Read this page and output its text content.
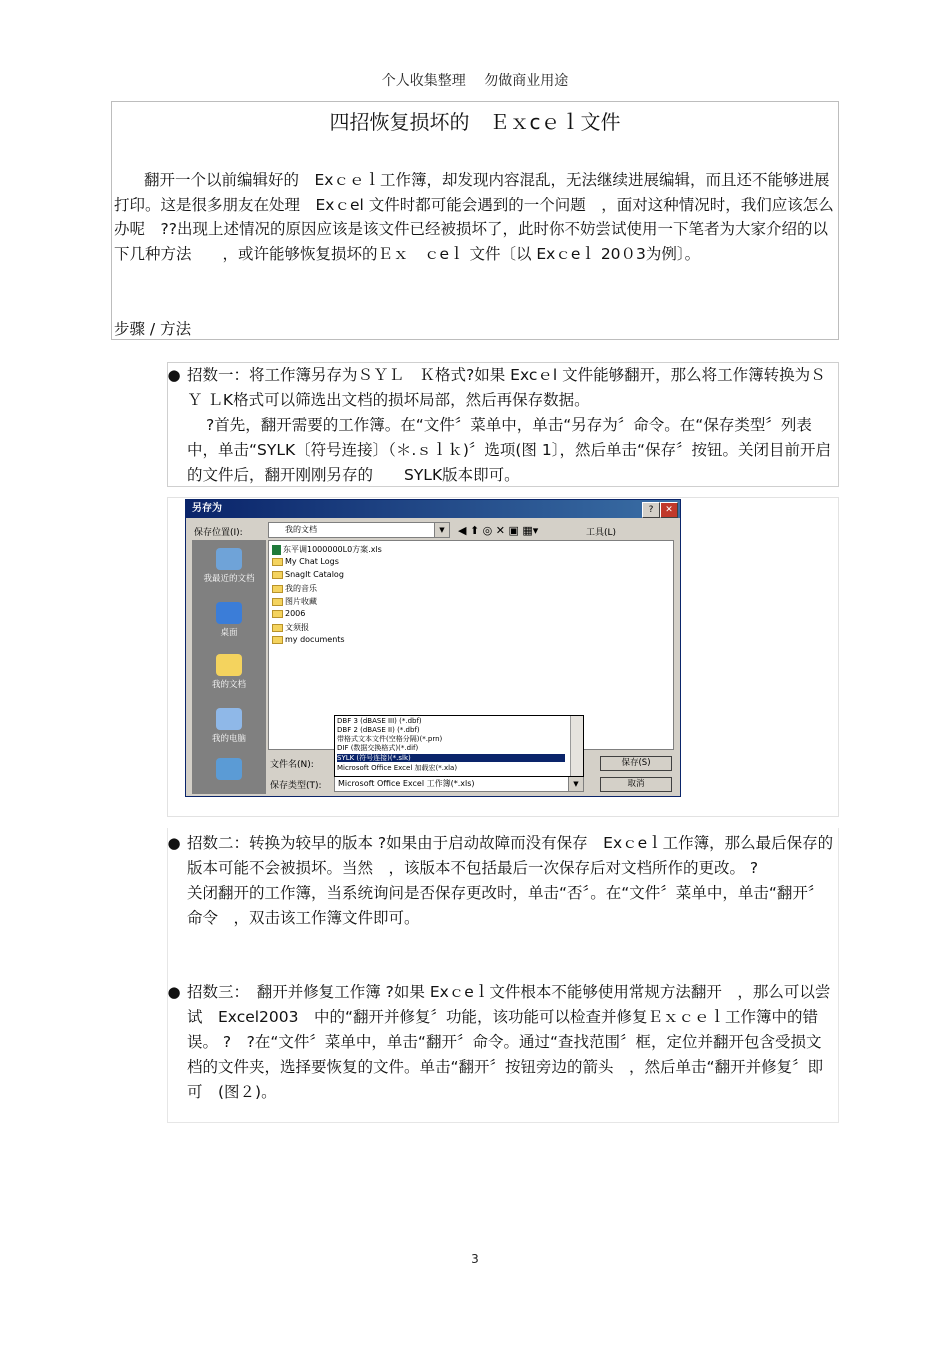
个人收集整理　 勿做商业用途
四招恢复损坏的　Ｅｘcｅｌ文件

翻开一个以前编辑好的　Exｃｅｌ工作簿，却发现内容混乱，无法继续进展编辑，而且还不能够进展打印。这是很多朋友在处理　Exｃel 文件时都可能会遇到的一个问题　，面对这种情况时，我们应该怎么办呢　??出现上述情况的原因应该是该文件已经被损坏了，此时你不妨尝试使用一下笔者为大家介绍的以下几种方法　　，或许能够恢复损坏的Ｅｘ　ｃeｌ 文件〔以 Exｃeｌ 20０3为例〕。

步骤 / 方法
● 招数一：将工作簿另存为ＳＹＬ　Ｋ格式?如果 Excｅl 文件能够翻开，那么将工作簿转换为ＳＹ ＬK格式可以筛选出文档的损坏局部，然后再保存数据。

?首先，翻开需要的工作簿。在“文件〞菜单中，单击“另存为〞命令。在“保存类型〞列表中，单击“SYLK〔符号连接〕（＊.ｓｌｋ)〞选项(图 1〕，然后单击“保存〞按钮。关闭目前开启的文件后，翻开刚刚另存的　　SYLK版本即可。

另存为	?	✕
保存位置(I):	我的文档	▼	◀ ⬆ ◎ ✕ ▣ ▦▾	工具(L)
我最近的文档
桌面
我的文档
我的电脑
东平调1000000L0方案.xls
My Chat Logs
SnagIt Catalog
我的音乐
图片收藏
2006
文须报
my documents
文件名(N):
保存类型(T):	Microsoft Office Excel 工作簿(*.xls)	▼
DBF 3 (dBASE III) (*.dbf)
DBF 2 (dBASE II) (*.dbf)
带格式文本文件(空格分隔)(*.prn)
DIF (数据交换格式)(*.dif)
SYLK (符号连接)(*.slk)
Microsoft Office Excel 加载宏(*.xla)	保存(S)
取消
● 招数二：转换为较早的版本 ?如果由于启动故障而没有保存　Exｃeｌ工作簿，那么最后保存的版本可能不会被损坏。当然　，该版本不包括最后一次保存后对文档所作的更改。 ?

关闭翻开的工作簿，当系统询问是否保存更改时，单击“否〞。在“文件〞菜单中，单击“翻开〞命令　，双击该工作簿文件即可。

● 招数三：　翻开并修复工作簿 ?如果 Exｃeｌ文件根本不能够使用常规方法翻开　，那么可以尝试　Excel2003　中的“翻开并修复〞功能，该功能可以检查并修复Ｅｘｃｅｌ工作簿中的错误。 ?　?在“文件〞菜单中，单击“翻开〞命令。通过“查找范围〞框，定位并翻开包含受损文档的文件夹，选择要恢复的文件。单击“翻开〞按钮旁边的箭头　，然后单击“翻开并修复〞即可　(图２)。

3
